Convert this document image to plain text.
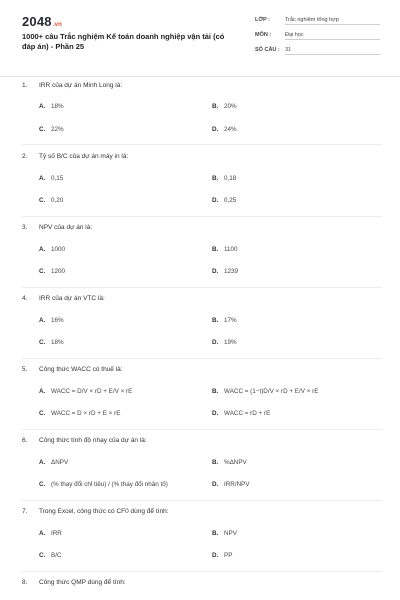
2048.vn
1000+ câu Trắc nghiệm Kế toán doanh nghiệp vận tải (có đáp án) - Phần 25
LỚP :	Trắc nghiệm tổng hợp
MÔN :	Đại học
SỐ CÂU : 31
1. IRR của dự án Minh Long là:
A. 18%	B. 20%
C. 22%	D. 24%
2. Tỷ số B/C của dự án máy in là:
A. 0,15	B. 0,18
C. 0,20	D. 0,25
3. NPV của dự án là:
A. 1000	B. 1100
C. 1200	D. 1239
4. IRR của dự án VTC là:
A. 16%	B. 17%
C. 18%	D. 19%
5. Công thức WACC có thuế là:
A. WACC = D/V × rD + E/V × rE	B. WACC = (1−t)D/V × rD + E/V × rE
C. WACC = D × rD + E × rE	D. WACC = rD + rE
6. Công thức tính độ nhạy của dự án là:
A. ΔNPV	B. %ΔNPV
C. (% thay đổi chỉ tiêu) / (% thay đổi nhân tố)	D. IRR/NPV
7. Trong Excel, công thức có CF0 dùng để tính:
A. IRR	B. NPV
C. B/C	D. PP
8. Công thức QMP dùng để tính:
